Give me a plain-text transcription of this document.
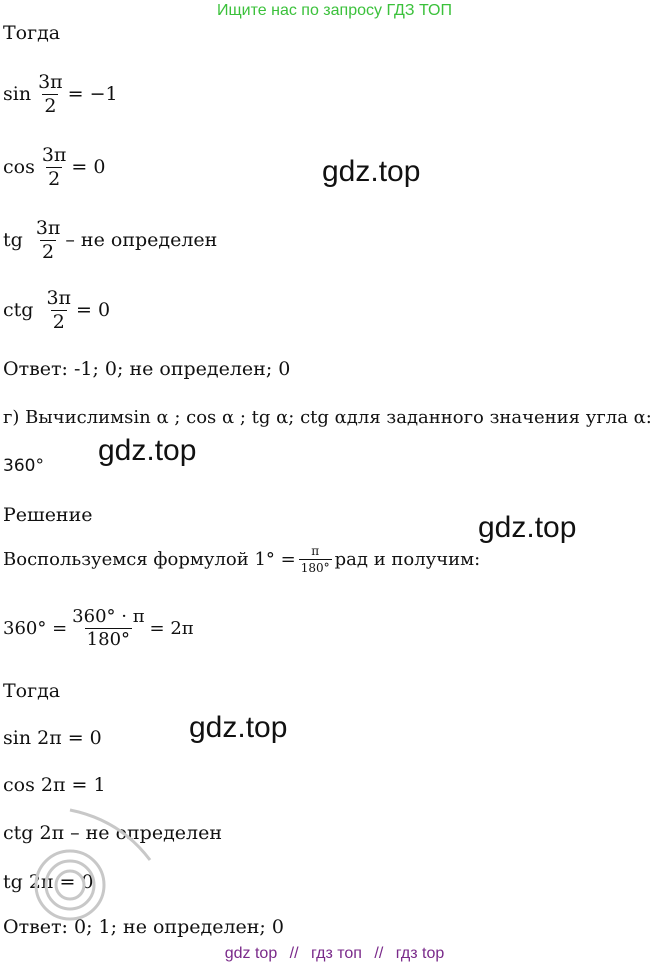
Ищите нас по запросу ГДЗ ТОП
Тогда
$\sin \frac{3\pi}{2} = -1$
$\cos \frac{3\pi}{2} = 0$
tg $\frac{3\pi}{2}$ – не определен
ctg $\frac{3\pi}{2} = 0$
Ответ: -1; 0; не определен; 0
г) Вычислим sin α ; cos α ; tg α; ctg α для заданного значения угла α:
360°
Решение
Воспользуемся формулой $1^\circ = \frac{\pi}{180^\circ}$ рад и получим:
$360^\circ = \frac{360^\circ \cdot \pi}{180^\circ} = 2\pi$
Тогда
sin 2π = 0
cos 2π = 1
ctg 2π – не определен
tg 2π = 0
Ответ: 0; 1; не определен; 0
gdz.top
gdz.top
gdz.top
gdz.top
gdz top // гдз топ // гдз top
